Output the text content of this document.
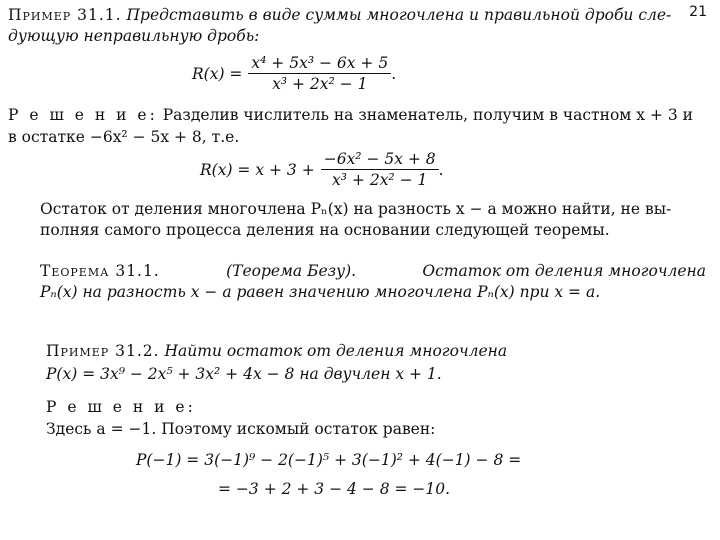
21
Пример 31.1. Представить в виде суммы многочлена и правильной дроби сле-
дующую неправильную дробь:
$R(x) = \frac{\text{x⁴ + 5x³ − 6x + 5}}{\text{x³ + 2x² − 1}}$ .
Р е ш е н и е: Разделив числитель на знаменатель, получим в частном x + 3 и
в остатке −6x² − 5x + 8, т.е.
$R(x) = x + 3 + \frac{\text{−6x² − 5x + 8}}{\text{x³ + 2x² − 1}}$ .
Остаток от деления многочлена Pₙ(x) на разность x − a можно найти, не вы-
полняя самого процесса деления на основании следующей теоремы.
Теорема 31.1.	(Теорема Безу).	Остаток от деления многочлена
Pₙ(x) на разность x − a равен значению многочлена Pₙ(x) при x = a.
Пример 31.2. Найти остаток от деления многочлена
P(x) = 3x⁹ − 2x⁵ + 3x² + 4x − 8 на двучлен x + 1.
Р е ш е н и е:
Здесь a = −1. Поэтому искомый остаток равен:
P(−1) = 3(−1)⁹ − 2(−1)⁵ + 3(−1)² + 4(−1) − 8 =
= −3 + 2 + 3 − 4 − 8 = −10.
